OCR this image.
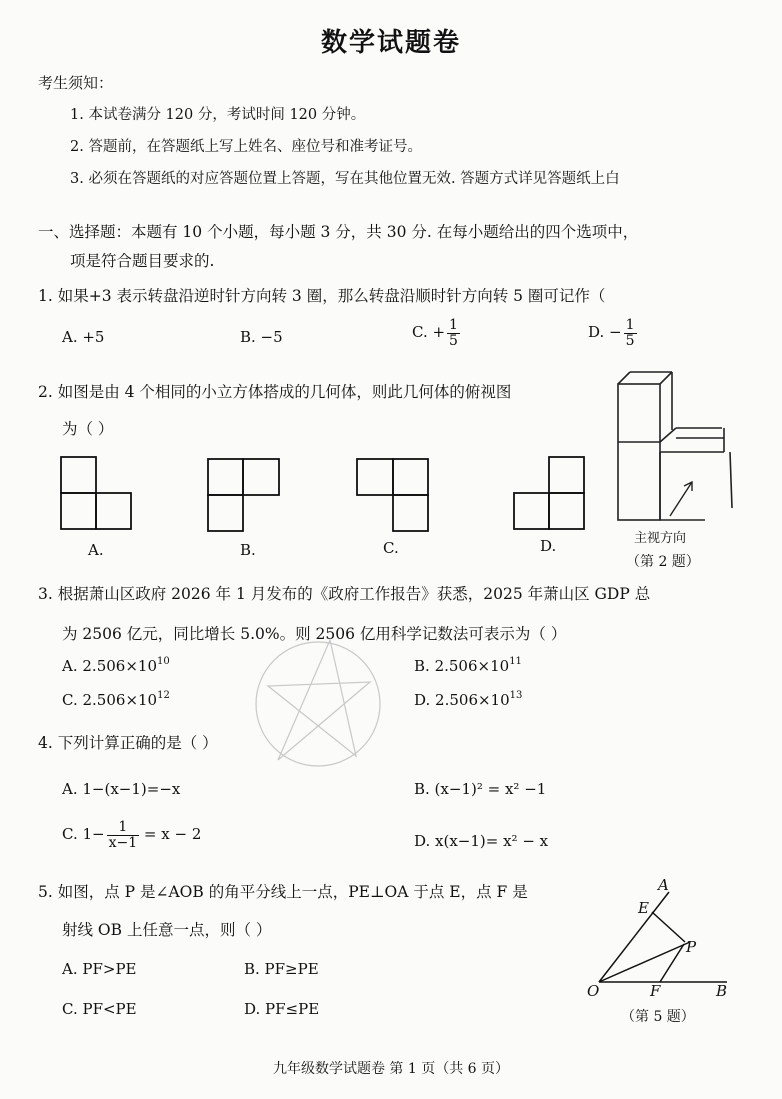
数学试题卷
考生须知：
1. 本试卷满分 120 分，考试时间 120 分钟。
2. 答题前，在答题纸上写上姓名、座位号和准考证号。
3. 必须在答题纸的对应答题位置上答题，写在其他位置无效. 答题方式详见答题纸上白
一、选择题：本题有 10 个小题，每小题 3 分，共 30 分. 在每小题给出的四个选项中，
项是符合题目要求的.
1. 如果+3 表示转盘沿逆时针方向转 3 圈，那么转盘沿顺时针方向转 5 圈可记作（
A. +5	B. −5	C. + $\frac{1}{5}$	D. − $\frac{1}{5}$
2. 如图是由 4 个相同的小立方体搭成的几何体，则此几何体的俯视图
为（ ）
A.	B.	C.	D.	主视方向
（第 2 题）
3. 根据萧山区政府 2026 年 1 月发布的《政府工作报告》获悉，2025 年萧山区 GDP 总
为 2506 亿元，同比增长 5.0%。则 2506 亿用科学记数法可表示为（ ）
A. $2.506\times 10^{10}$	B. $2.506\times 10^{11}$
C. $2.506\times 10^{12}$	D. $2.506\times 10^{13}$
4. 下列计算正确的是（ ）
A. 1−(x−1)=−x	B. (x−1)² = x² −1
C. $1- \frac{1}{x-1} = x - 2$	D. x(x−1)= x² − x
5. 如图，点 P 是∠AOB 的角平分线上一点，PE⊥OA 于点 E，点 F 是
射线 OB 上任意一点，则（ ）
A. PF>PE	B. PF≥PE
C. PF<PE	D. PF≤PE
A
E
P
O	F	B
（第 5 题）
九年级数学试题卷 第 1 页（共 6 页）
